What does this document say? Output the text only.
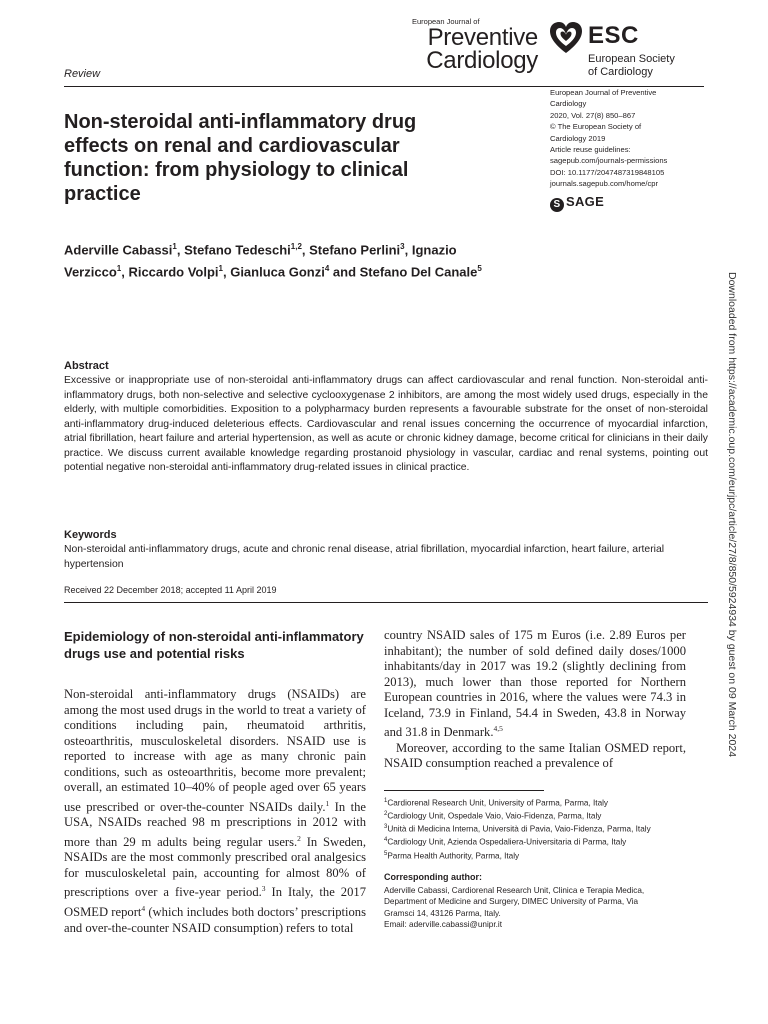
Review
European Journal of
Preventive
Cardiology
ESC
European Society
of Cardiology
European Journal of Preventive
Cardiology
2020, Vol. 27(8) 850–867
© The European Society of
Cardiology 2019
Article reuse guidelines:
sagepub.com/journals-permissions
DOI: 10.1177/2047487319848105
journals.sagepub.com/home/cpr
S SAGE
Non-steroidal anti-inflammatory drug effects on renal and cardiovascular function: from physiology to clinical practice
Aderville Cabassi$^1$, Stefano Tedeschi$^{1,2}$, Stefano Perlini$^3$, Ignazio Verzicco$^1$, Riccardo Volpi$^1$, Gianluca Gonzi$^4$ and Stefano Del Canale$^5$
Downloaded from https://academic.oup.com/eurjpc/article/27/8/850/5924934 by guest on 09 March 2024
Abstract
Excessive or inappropriate use of non-steroidal anti-inflammatory drugs can affect cardiovascular and renal function. Non-steroidal anti-inflammatory drugs, both non-selective and selective cyclooxygenase 2 inhibitors, are among the most widely used drugs, especially in the elderly, with multiple comorbidities. Exposition to a polypharmacy burden represents a favourable substrate for the onset of non-steroidal anti-inflammatory drug-induced deleterious effects. Cardiovascular and renal issues concerning the occurrence of myocardial infarction, atrial fibrillation, heart failure and arterial hypertension, as well as acute or chronic kidney damage, become critical for clinicians in their daily practice. We discuss current available knowledge regarding prostanoid physiology in vascular, cardiac and renal systems, pointing out potential negative non-steroidal anti-inflammatory drug-related issues in clinical practice.
Keywords
Non-steroidal anti-inflammatory drugs, acute and chronic renal disease, atrial fibrillation, myocardial infarction, heart failure, arterial hypertension
Received 22 December 2018; accepted 11 April 2019
Epidemiology of non-steroidal anti-inflammatory drugs use and potential risks

Non-steroidal anti-inflammatory drugs (NSAIDs) are among the most used drugs in the world to treat a variety of conditions including pain, rheumatoid arthritis, osteoarthritis, musculoskeletal disorders. NSAID use is reported to increase with age as many chronic pain conditions, such as osteoarthritis, become more prevalent; overall, an estimated 10–40% of people aged over 65 years use prescribed or over-the-counter NSAIDs daily.$^1$ In the USA, NSAIDs reached 98 m prescriptions in 2012 with more than 29 m adults being regular users.$^2$ In Sweden, NSAIDs are the most commonly prescribed oral analgesics for musculoskeletal pain, accounting for almost 80% of prescriptions over a five-year period.$^3$ In Italy, the 2017 OSMED report$^4$ (which includes both doctors’ prescriptions and over-the-counter NSAID consumption) refers to total

country NSAID sales of 175 m Euros (i.e. 2.89 Euros per inhabitant); the number of sold defined daily doses/1000 inhabitants/day in 2017 was 19.2 (slightly declining from 2013), much lower than those reported for Northern European countries in 2016, where the values were 74.3 in Iceland, 73.9 in Finland, 54.4 in Sweden, 43.8 in Norway and 31.8 in Denmark.$^{4,5}$

Moreover, according to the same Italian OSMED report, NSAID consumption reached a prevalence of

$^1$Cardiorenal Research Unit, University of Parma, Parma, Italy
$^2$Cardiology Unit, Ospedale Vaio, Vaio-Fidenza, Parma, Italy
$^3$Unità di Medicina Interna, Università di Pavia, Vaio-Fidenza, Parma, Italy
$^4$Cardiology Unit, Azienda Ospedaliera-Universitaria di Parma, Italy
$^5$Parma Health Authority, Parma, Italy
Corresponding author:
Aderville Cabassi, Cardiorenal Research Unit, Clinica e Terapia Medica,
Department of Medicine and Surgery, DIMEC University of Parma, Via
Gramsci 14, 43126 Parma, Italy.
Email: aderville.cabassi@unipr.it
